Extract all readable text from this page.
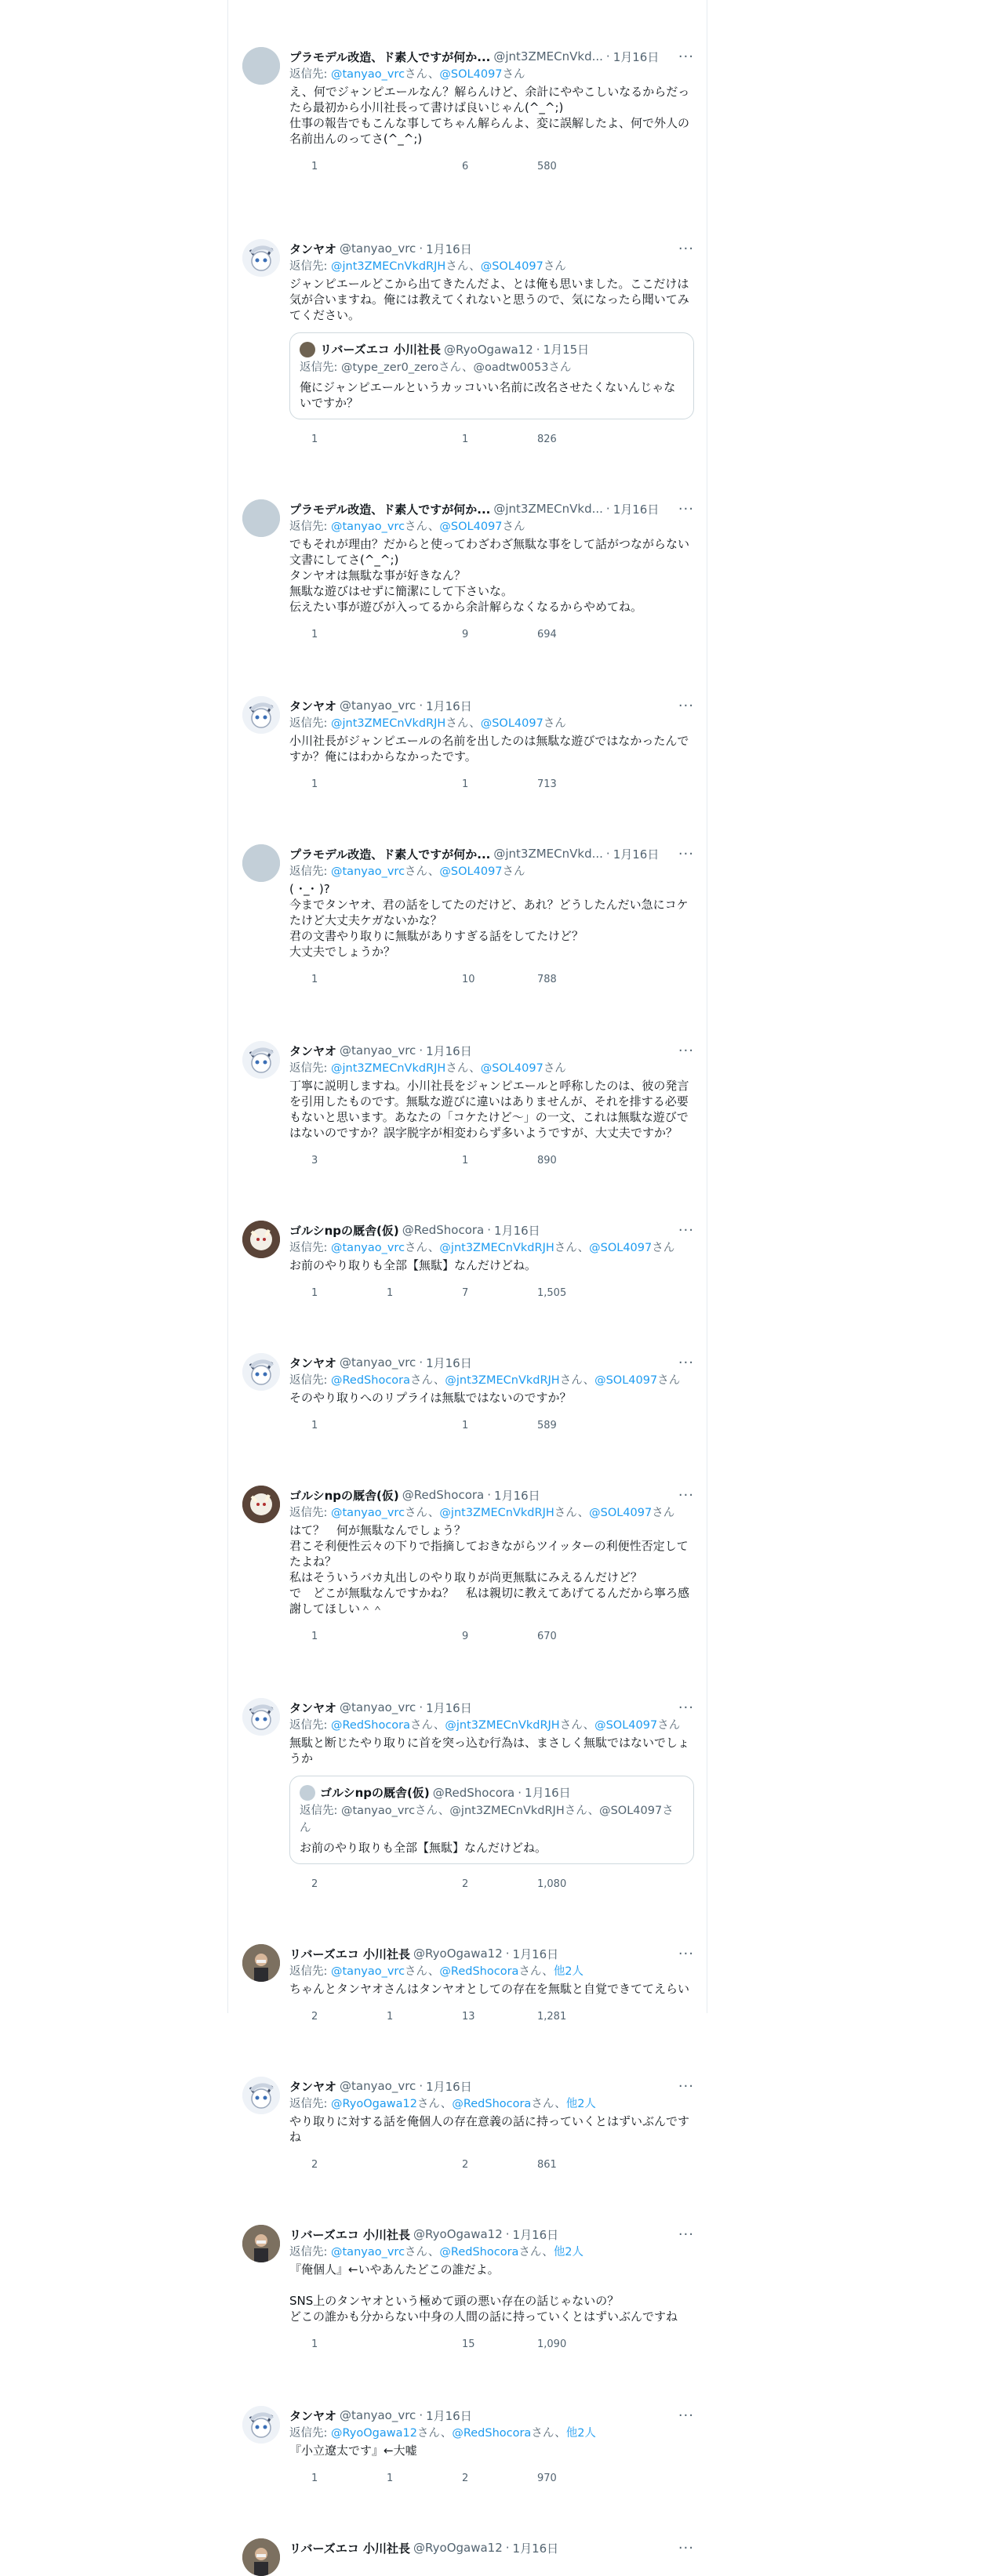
プラモデル改造、ド素人ですが何か... @jnt3ZMECnVkd... · 1月16日 ···
返信先: @tanyao_vrcさん、@SOL4097さん
え、何でジャンピエールなん？解らんけど、余計にややこしいなるからだったら最初から小川社長って書けば良いじゃん(^_^;)
仕事の報告でもこんな事してちゃん解らんよ、変に誤解したよ、何で外人の名前出んのってさ(^_^;)
1	6	580
タンヤオ @tanyao_vrc · 1月16日	···
返信先: @jnt3ZMECnVkdRJHさん、@SOL4097さん
ジャンピエールどこから出てきたんだよ、とは俺も思いました。ここだけは気が合いますね。俺には教えてくれないと思うので、気になったら聞いてみてください。
リバーズエコ 小川社長 @RyoOgawa12 · 1月15日
返信先: @type_zer0_zeroさん、@oadtw0053さん
俺にジャンピエールというカッコいい名前に改名させたくないんじゃないですか？
1	1	826
プラモデル改造、ド素人ですが何か... @jnt3ZMECnVkd... · 1月16日 ···
返信先: @tanyao_vrcさん、@SOL4097さん
でもそれが理由？だからと使ってわざわざ無駄な事をして話がつながらない文書にしてさ(^_^;)
タンヤオは無駄な事が好きなん？
無駄な遊びはせずに簡潔にして下さいな。
伝えたい事が遊びが入ってるから余計解らなくなるからやめてね。
1	9	694
タンヤオ @tanyao_vrc · 1月16日	···
返信先: @jnt3ZMECnVkdRJHさん、@SOL4097さん
小川社長がジャンピエールの名前を出したのは無駄な遊びではなかったんですか？俺にはわからなかったです。
1	1	713
プラモデル改造、ド素人ですが何か... @jnt3ZMECnVkd... · 1月16日 ···
返信先: @tanyao_vrcさん、@SOL4097さん
( ･_･ )?
今までタンヤオ、君の話をしてたのだけど、あれ？どうしたんだい急にコケたけど大丈夫ケガないかな？
君の文書やり取りに無駄がありすぎる話をしてたけど？
大丈夫でしょうか？
1	10	788
タンヤオ @tanyao_vrc · 1月16日	···
返信先: @jnt3ZMECnVkdRJHさん、@SOL4097さん
丁寧に説明しますね。小川社長をジャンピエールと呼称したのは、彼の発言を引用したものです。無駄な遊びに違いはありませんが、それを排する必要もないと思います。あなたの「コケたけど〜」の一文、これは無駄な遊びではないのですか？誤字脱字が相変わらず多いようですが、大丈夫ですか？
3	1	890
ゴルシnpの厩舎(仮) @RedShocora · 1月16日	···
返信先: @tanyao_vrcさん、@jnt3ZMECnVkdRJHさん、@SOL4097さん
お前のやり取りも全部【無駄】なんだけどね。
1	1	7	1,505
タンヤオ @tanyao_vrc · 1月16日	···
返信先: @RedShocoraさん、@jnt3ZMECnVkdRJHさん、@SOL4097さん
そのやり取りへのリプライは無駄ではないのですか？
1	1	589
ゴルシnpの厩舎(仮) @RedShocora · 1月16日	···
返信先: @tanyao_vrcさん、@jnt3ZMECnVkdRJHさん、@SOL4097さん
はて？　何が無駄なんでしょう？
君こそ利便性云々の下りで指摘しておきながらツイッターの利便性否定してたよね？
私はそういうバカ丸出しのやり取りが尚更無駄にみえるんだけど？
で　どこが無駄なんですかね？　私は親切に教えてあげてるんだから寧ろ感謝してほしい＾＾
1	9	670
タンヤオ @tanyao_vrc · 1月16日	···
返信先: @RedShocoraさん、@jnt3ZMECnVkdRJHさん、@SOL4097さん
無駄と断じたやり取りに首を突っ込む行為は、まさしく無駄ではないでしょうか
ゴルシnpの厩舎(仮) @RedShocora · 1月16日
返信先: @tanyao_vrcさん、@jnt3ZMECnVkdRJHさん、@SOL4097さん
お前のやり取りも全部【無駄】なんだけどね。
2	2	1,080
リバーズエコ 小川社長 @RyoOgawa12 · 1月16日	···
返信先: @tanyao_vrcさん、@RedShocoraさん、他2人
ちゃんとタンヤオさんはタンヤオとしての存在を無駄と自覚できててえらい
2	1	13	1,281
タンヤオ @tanyao_vrc · 1月16日	···
返信先: @RyoOgawa12さん、@RedShocoraさん、他2人
やり取りに対する話を俺個人の存在意義の話に持っていくとはずいぶんですね
2	2	861
リバーズエコ 小川社長 @RyoOgawa12 · 1月16日	···
返信先: @tanyao_vrcさん、@RedShocoraさん、他2人
『俺個人』←いやあんたどこの誰だよ。

SNS上のタンヤオという極めて頭の悪い存在の話じゃないの？
どこの誰かも分からない中身の人間の話に持っていくとはずいぶんですね
1	15	1,090
タンヤオ @tanyao_vrc · 1月16日	···
返信先: @RyoOgawa12さん、@RedShocoraさん、他2人
『小立遼太です』←大嘘
1	1	2	970
リバーズエコ 小川社長 @RyoOgawa12 · 1月16日	···
